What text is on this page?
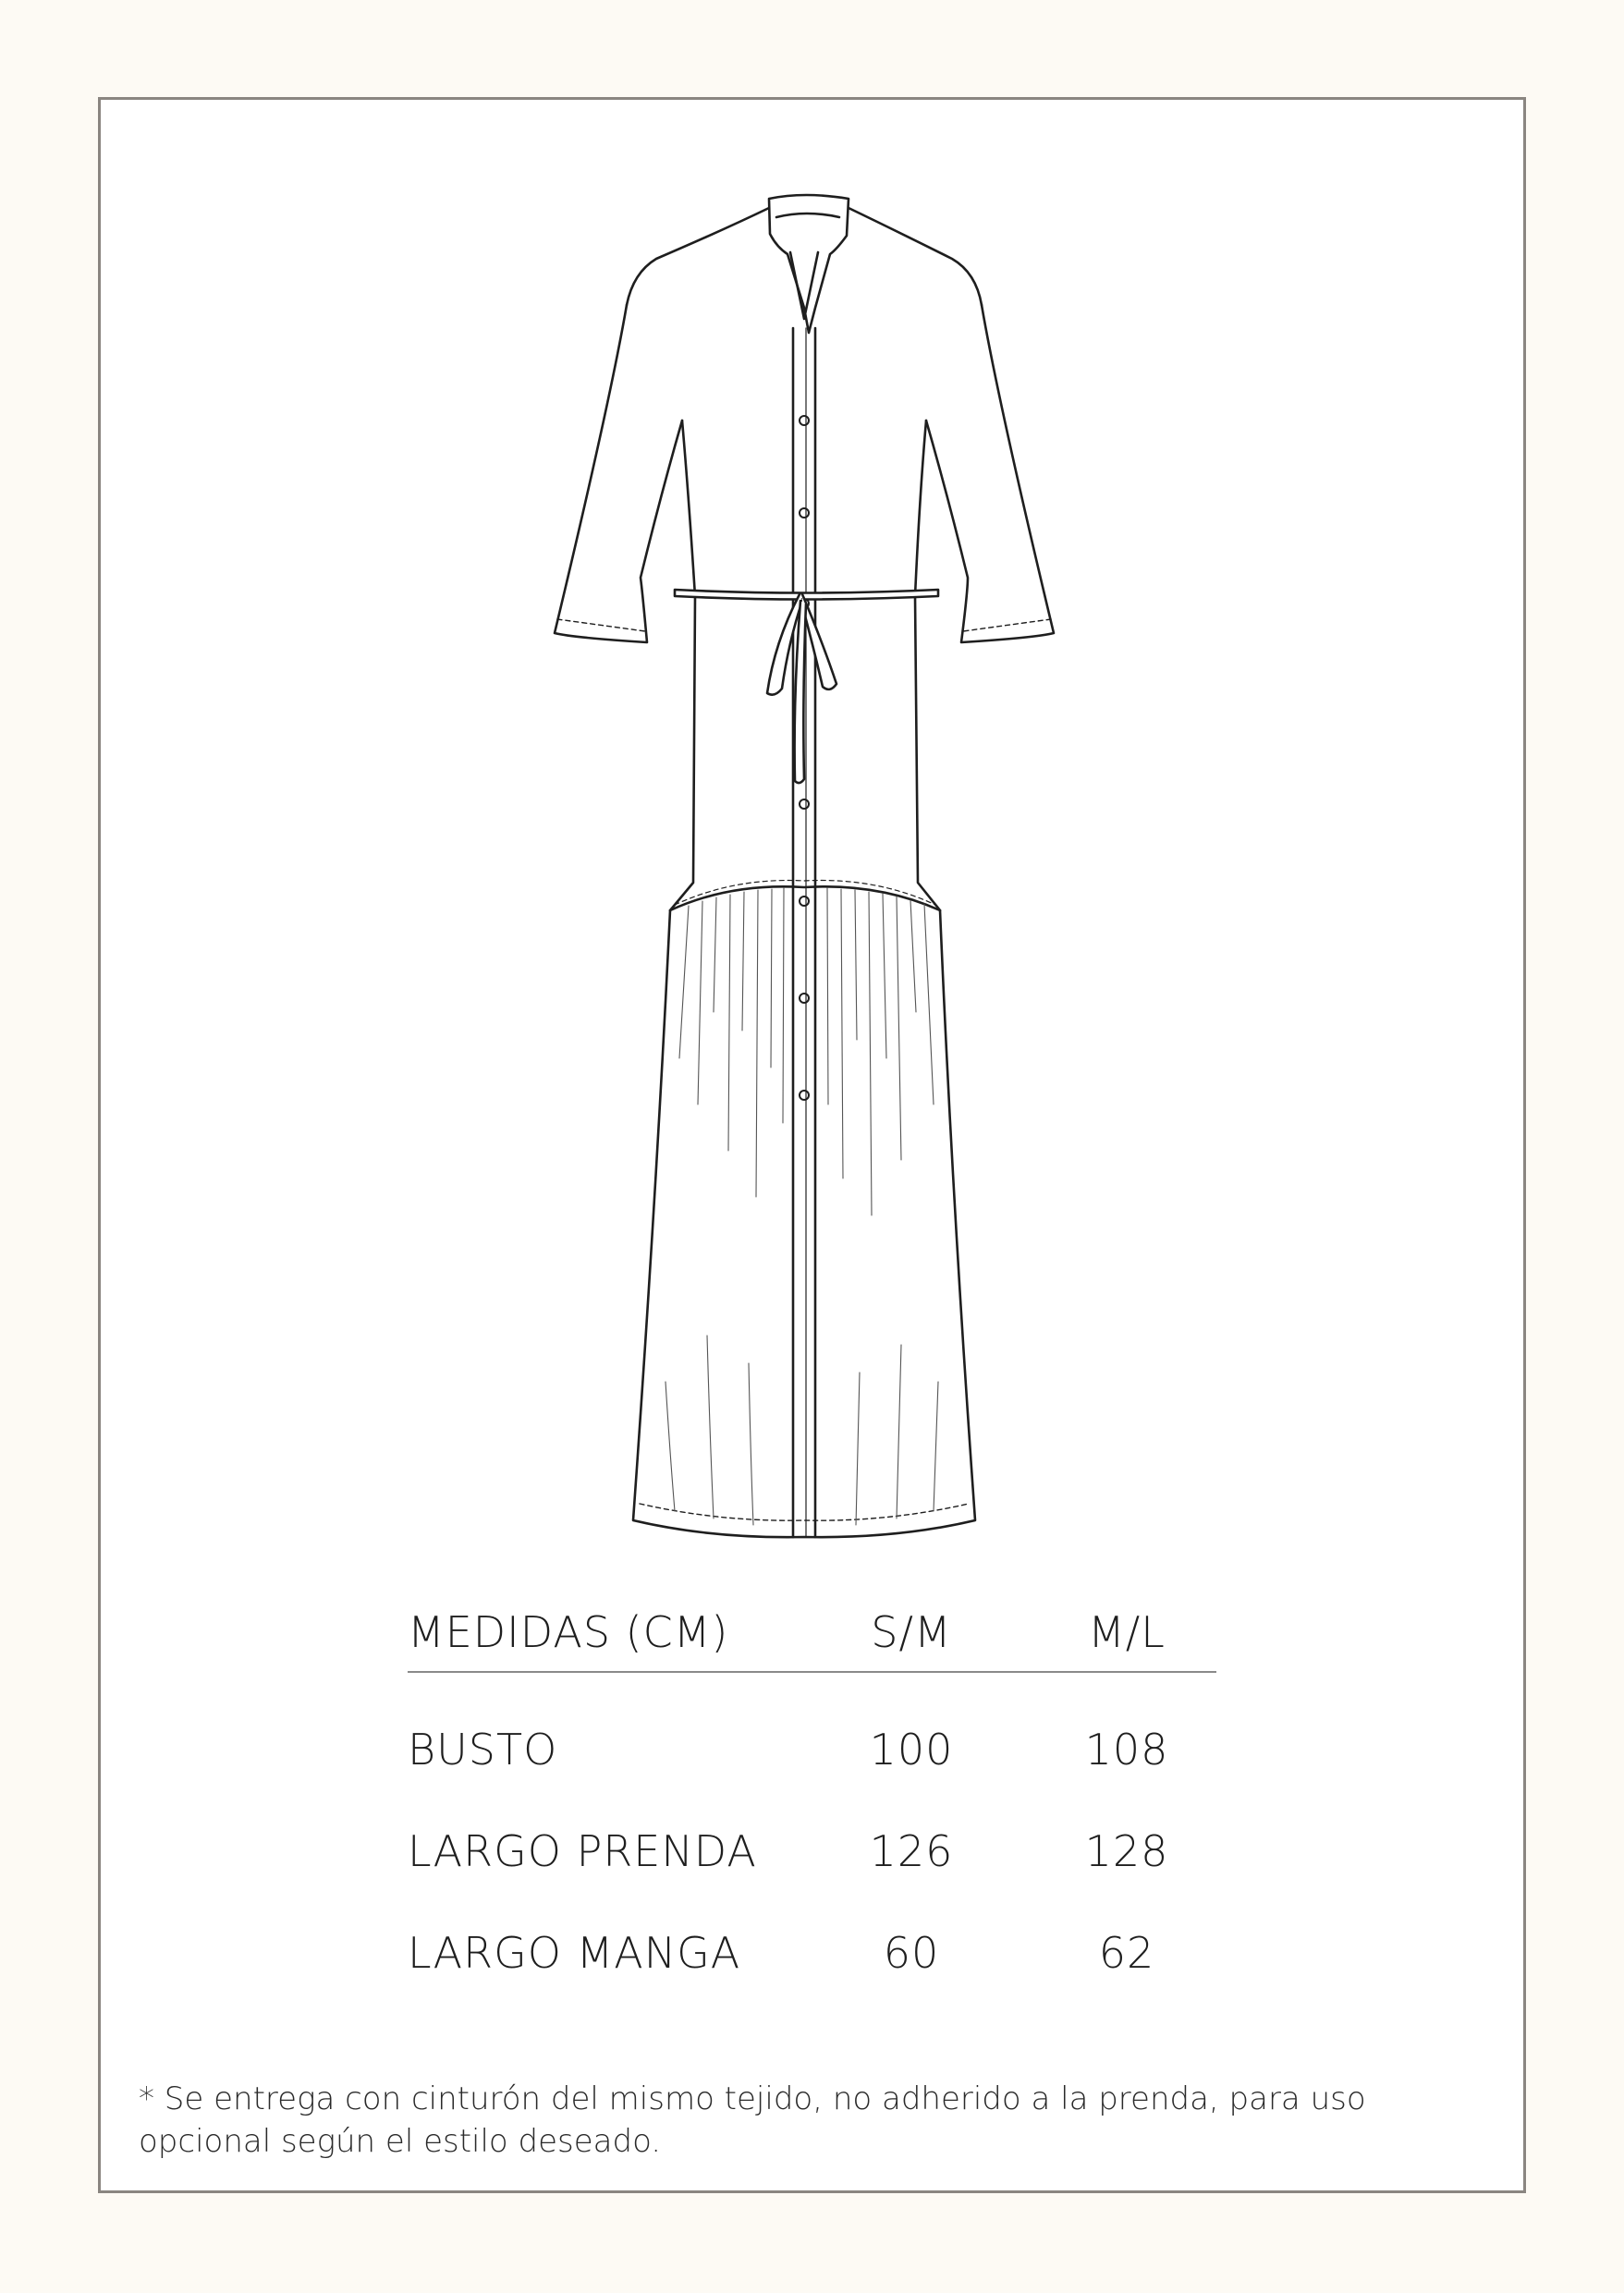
MEDIDAS (CM)	S/M	M/L
BUSTO	100	108
LARGO PRENDA	126	128
LARGO MANGA	60	62
* Se entrega con cinturón del mismo tejido, no adherido a la prenda, para uso
opcional según el estilo deseado.
